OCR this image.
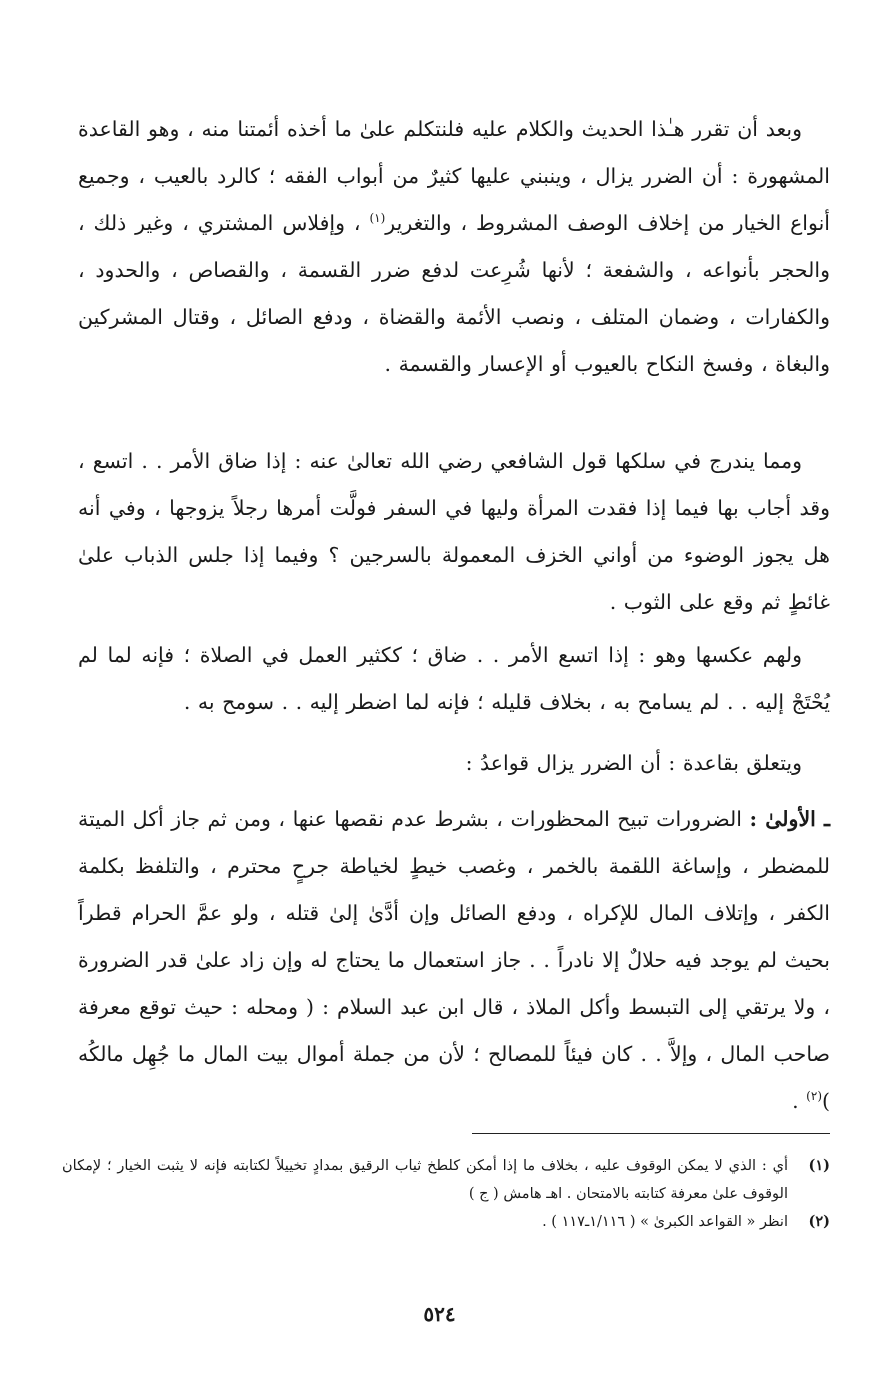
وبعد أن تقرر هـٰذا الحديث والكلام عليه فلنتكلم علىٰ ما أخذه أئمتنا منه ، وهو القاعدة المشهورة : أن الضرر يزال ، وينبني عليها كثيرٌ من أبواب الفقه ؛ كالرد بالعيب ، وجميع أنواع الخيار من إخلاف الوصف المشروط ، والتغرير$^{(١)}$ ، وإفلاس المشتري ، وغير ذلك ، والحجر بأنواعه ، والشفعة ؛ لأنها شُرِعت لدفع ضرر القسمة ، والقصاص ، والحدود ، والكفارات ، وضمان المتلف ، ونصب الأئمة والقضاة ، ودفع الصائل ، وقتال المشركين والبغاة ، وفسخ النكاح بالعيوب أو الإعسار والقسمة .

ومما يندرج في سلكها قول الشافعي رضي الله تعالىٰ عنه : إذا ضاق الأمر . . اتسع ، وقد أجاب بها فيما إذا فقدت المرأة وليها في السفر فولَّت أمرها رجلاً يزوجها ، وفي أنه هل يجوز الوضوء من أواني الخزف المعمولة بالسرجين ؟ وفيما إذا جلس الذباب علىٰ غائطٍ ثم وقع على الثوب .

ولهم عكسها وهو : إذا اتسع الأمر . . ضاق ؛ ككثير العمل في الصلاة ؛ فإنه لما لم يُحْتَجْ إليه . . لم يسامح به ، بخلاف قليله ؛ فإنه لما اضطر إليه . . سومح به .

ويتعلق بقاعدة : أن الضرر يزال قواعدُ :

ـ الأولىٰ : الضرورات تبيح المحظورات ، بشرط عدم نقصها عنها ، ومن ثم جاز أكل الميتة للمضطر ، وإساغة اللقمة بالخمر ، وغصب خيطٍ لخياطة جرحٍ محترم ، والتلفظ بكلمة الكفر ، وإتلاف المال للإكراه ، ودفع الصائل وإن أدَّىٰ إلىٰ قتله ، ولو عمَّ الحرام قطراً بحيث لم يوجد فيه حلالٌ إلا نادراً . . جاز استعمال ما يحتاج له وإن زاد علىٰ قدر الضرورة ، ولا يرتقي إلى التبسط وأكل الملاذ ، قال ابن عبد السلام : ( ومحله : حيث توقع معرفة صاحب المال ، وإلاَّ . . كان فيئاً للمصالح ؛ لأن من جملة أموال بيت المال ما جُهِل مالكُه )$^{(٢)}$ .

(١)
أي : الذي لا يمكن الوقوف عليه ، بخلاف ما إذا أمكن كلطخ ثياب الرقيق بمدادٍ تخييلاً لكتابته فإنه لا يثبت الخيار ؛ لإمكان الوقوف علىٰ معرفة كتابته بالامتحان . اهـ هامش ( ج )
(٢)
انظر « القواعد الكبرىٰ » ( ١/١١٦ـ١١٧ ) .
٥٢٤
